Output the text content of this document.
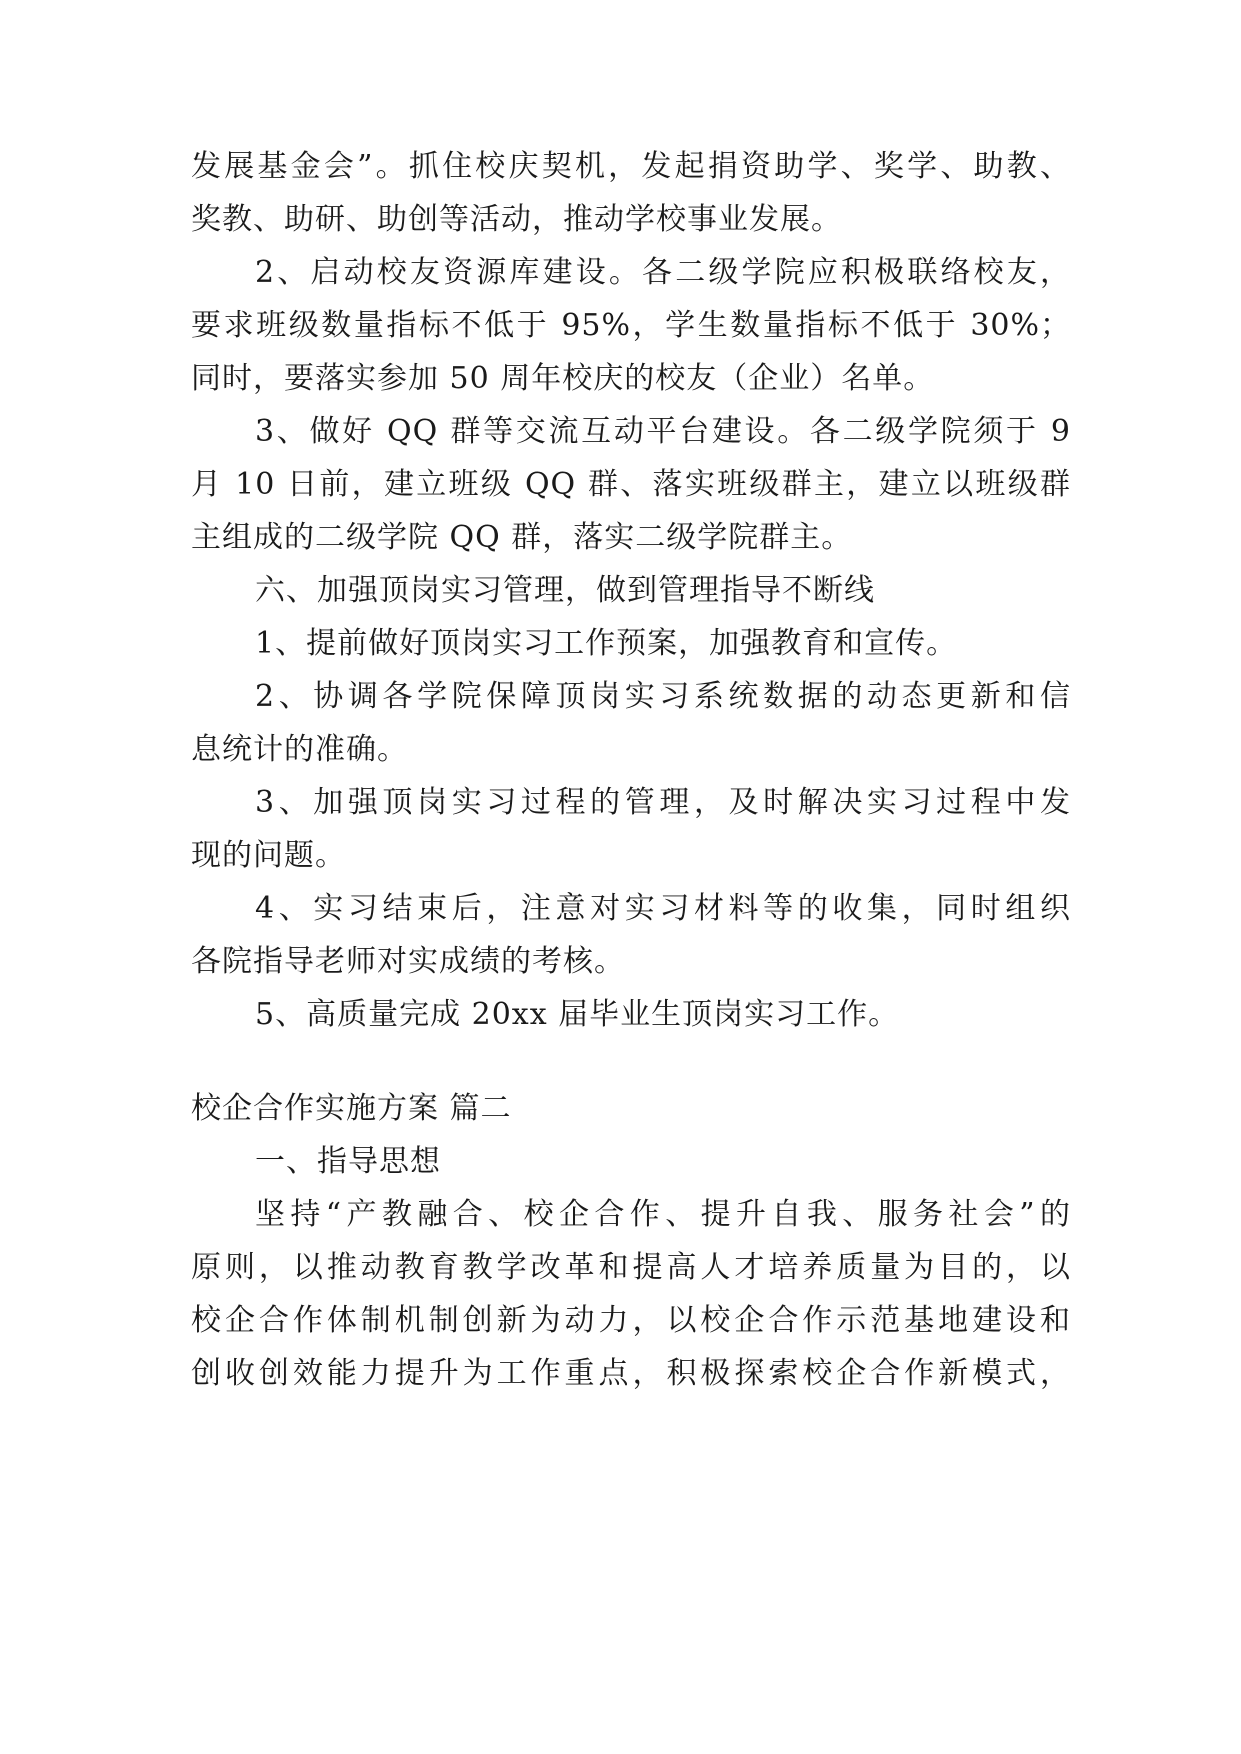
发展基金会”。抓住校庆契机，发起捐资助学、奖学、助教、
奖教、助研、助创等活动，推动学校事业发展。
2、启动校友资源库建设。各二级学院应积极联络校友，
要求班级数量指标不低于 95%，学生数量指标不低于 30%；
同时，要落实参加 50 周年校庆的校友（企业）名单。
3、做好 QQ 群等交流互动平台建设。各二级学院须于 9
月 10 日前，建立班级 QQ 群、落实班级群主，建立以班级群
主组成的二级学院 QQ 群，落实二级学院群主。
六、加强顶岗实习管理，做到管理指导不断线
1、提前做好顶岗实习工作预案，加强教育和宣传。
2、协调各学院保障顶岗实习系统数据的动态更新和信
息统计的准确。
3、加强顶岗实习过程的管理，及时解决实习过程中发
现的问题。
4、实习结束后，注意对实习材料等的收集，同时组织
各院指导老师对实成绩的考核。
5、高质量完成 20xx 届毕业生顶岗实习工作。
校企合作实施方案 篇二
一、指导思想
坚持“产教融合、校企合作、提升自我、服务社会”的
原则，以推动教育教学改革和提高人才培养质量为目的，以
校企合作体制机制创新为动力，以校企合作示范基地建设和
创收创效能力提升为工作重点，积极探索校企合作新模式，
